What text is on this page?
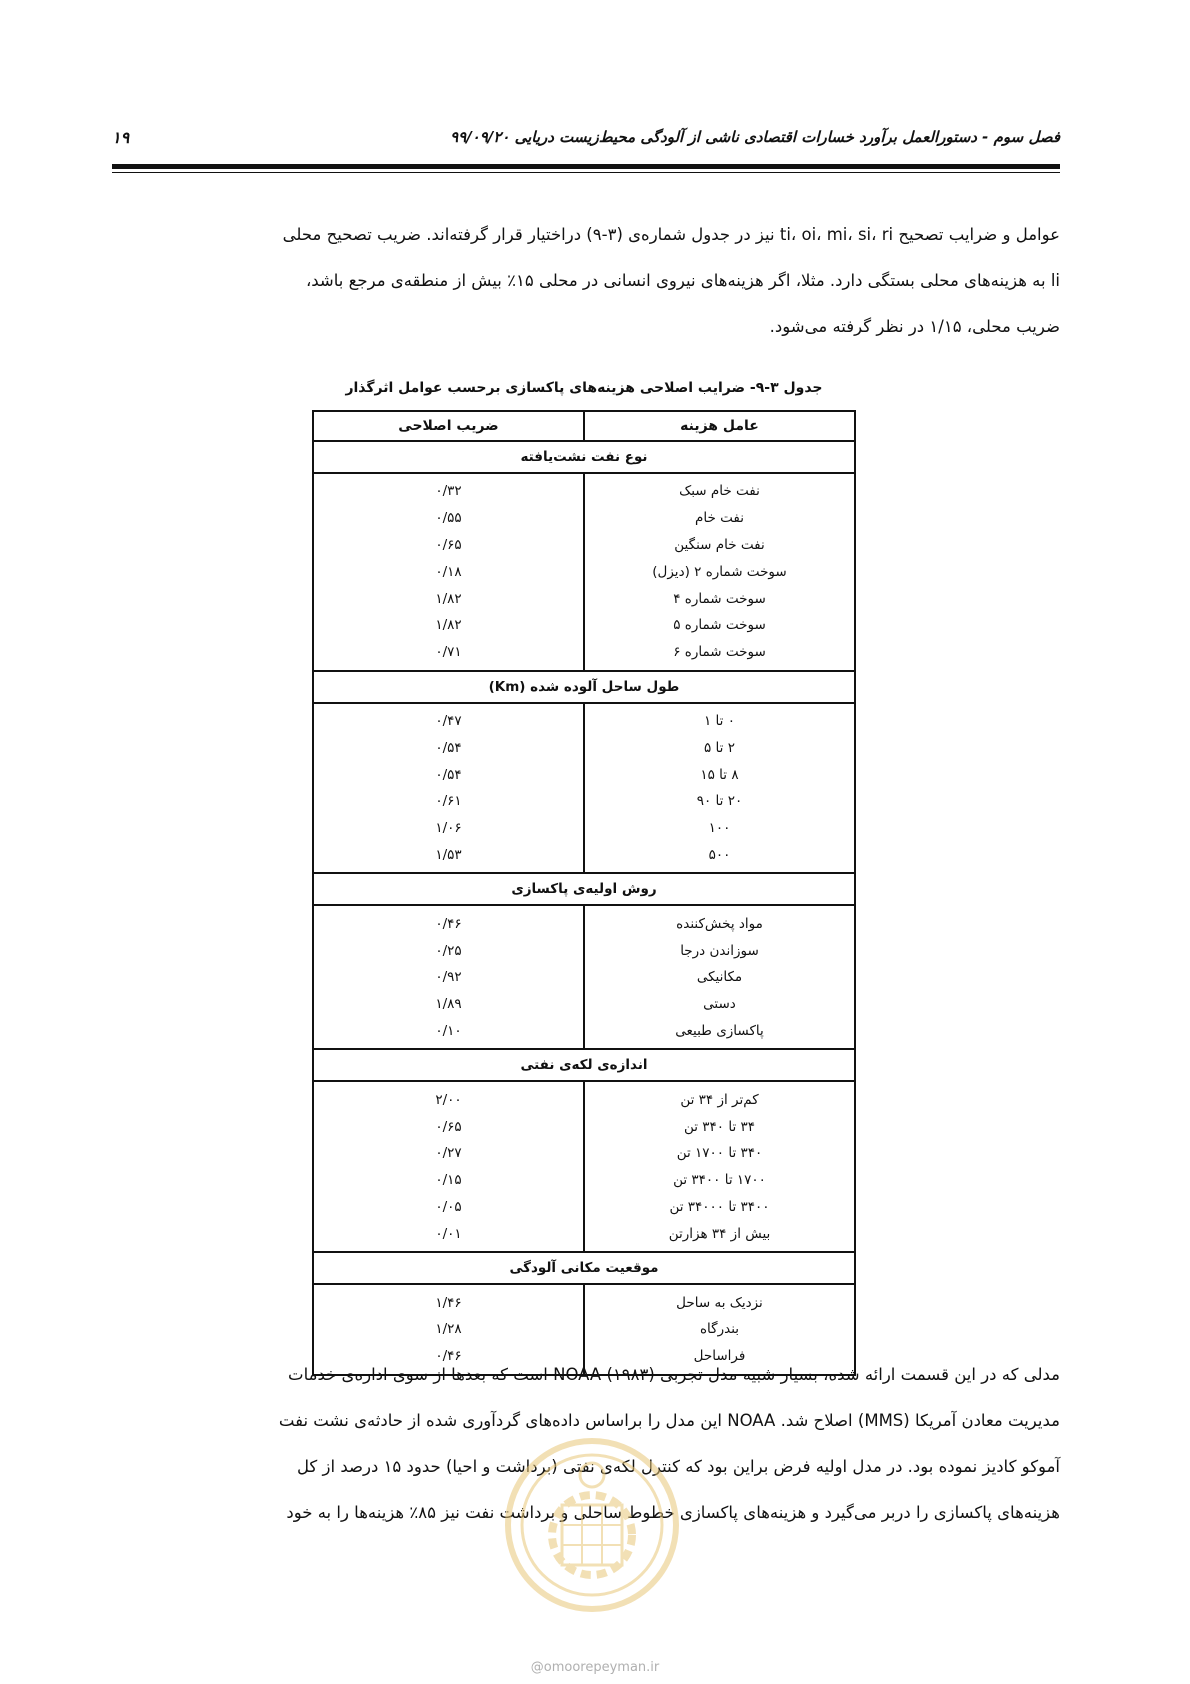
فصل سوم - دستورالعمل برآورد خسارات اقتصادی ناشی از آلودگی محیط‌زیست دریایی ۹۹/۰۹/۲۰
۱۹

عوامل و ضرایب تصحیح ti، oi، mi، si، ri نیز در جدول شماره‌ی (۳-۹) دراختیار قرار گرفته‌اند. ضریب تصحیح محلی

li به هزینه‌های محلی بستگی دارد. مثلا، اگر هزینه‌های نیروی انسانی در محلی ۱۵٪ بیش از منطقه‌ی مرجع باشد،

ضریب محلی، ۱/۱۵ در نظر گرفته می‌شود.

جدول ۳-۹- ضرایب اصلاحی هزینه‌های پاکسازی برحسب عوامل اثرگذار
عامل هزینه	ضریب اصلاحی
نوع نفت نشت‌یافته	
نفت خام سبک	۰/۳۲
نفت خام	۰/۵۵
نفت خام سنگین	۰/۶۵
سوخت شماره ۲ (دیزل)	۰/۱۸
سوخت شماره ۴	۱/۸۲
سوخت شماره ۵	۱/۸۲
سوخت شماره ۶	۰/۷۱
طول ساحل آلوده شده (Km)	
۰ تا ۱	۰/۴۷
۲ تا ۵	۰/۵۴
۸ تا ۱۵	۰/۵۴
۲۰ تا ۹۰	۰/۶۱
۱۰۰	۱/۰۶
۵۰۰	۱/۵۳
روش اولیه‌ی پاکسازی	
مواد پخش‌کننده	۰/۴۶
سوزاندن درجا	۰/۲۵
مکانیکی	۰/۹۲
دستی	۱/۸۹
پاکسازی طبیعی	۰/۱۰
اندازه‌ی لکه‌ی نفتی	
کم‌تر از ۳۴ تن	۲/۰۰
۳۴ تا ۳۴۰ تن	۰/۶۵
۳۴۰ تا ۱۷۰۰ تن	۰/۲۷
۱۷۰۰ تا ۳۴۰۰ تن	۰/۱۵
۳۴۰۰ تا ۳۴۰۰۰ تن	۰/۰۵
بیش از ۳۴ هزارتن	۰/۰۱
موقعیت مکانی آلودگی	
نزدیک به ساحل	۱/۴۶
بندرگاه	۱/۲۸
فراساحل	۰/۴۶

مدلی که در این قسمت ارائه شده، بسیار شبیه مدل تجربی NOAA (۱۹۸۳) است که بعدها از سوی اداره‌ی خدمات

مدیریت معادن آمریکا (MMS) اصلاح شد. NOAA این مدل را براساس داده‌های گردآوری شده از حادثه‌ی نشت نفت

آموکو کادیز نموده بود. در مدل اولیه فرض براین بود که کنترل لکه‌ی نفتی (برداشت و احیا) حدود ۱۵ درصد از کل

هزینه‌های پاکسازی را دربر می‌گیرد و هزینه‌های پاکسازی خطوط ساحلی و برداشت نفت نیز ۸۵٪ هزینه‌ها را به خود

@omoorepeyman.ir
